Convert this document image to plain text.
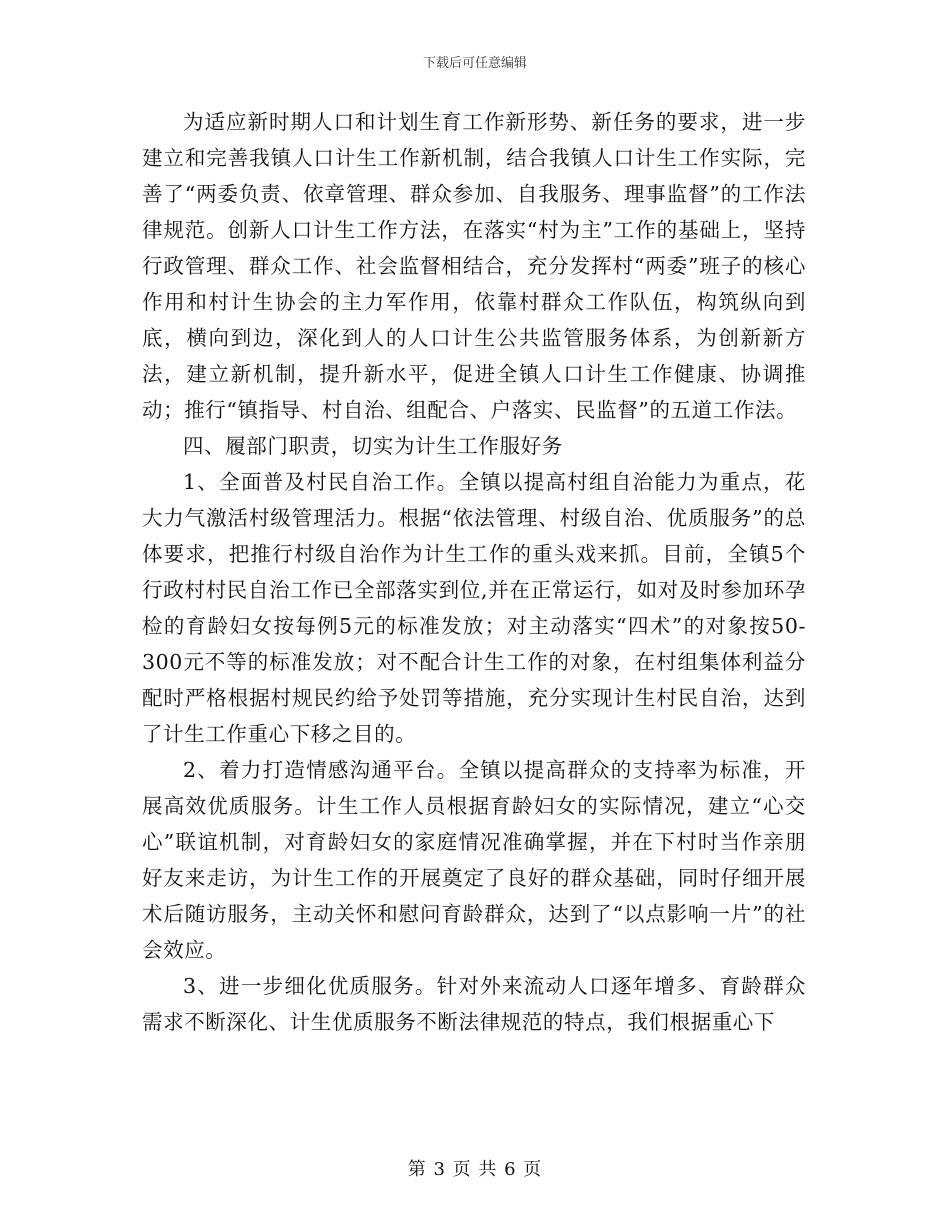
下载后可任意编辑

为适应新时期人口和计划生育工作新形势、新任务的要求，进一步建立和完善我镇人口计生工作新机制，结合我镇人口计生工作实际，完善了“两委负责、依章管理、群众参加、自我服务、理事监督”的工作法律规范。创新人口计生工作方法，在落实“村为主”工作的基础上，坚持行政管理、群众工作、社会监督相结合，充分发挥村“两委”班子的核心作用和村计生协会的主力军作用，依靠村群众工作队伍，构筑纵向到底，横向到边，深化到人的人口计生公共监管服务体系，为创新新方法，建立新机制，提升新水平，促进全镇人口计生工作健康、协调推动；推行“镇指导、村自治、组配合、户落实、民监督”的五道工作法。

四、履部门职责，切实为计生工作服好务

1、全面普及村民自治工作。全镇以提高村组自治能力为重点，花大力气激活村级管理活力。根据“依法管理、村级自治、优质服务”的总体要求，把推行村级自治作为计生工作的重头戏来抓。目前，全镇5个行政村村民自治工作已全部落实到位,并在正常运行，如对及时参加环孕检的育龄妇女按每例5元的标准发放；对主动落实“四术”的对象按50-300元不等的标准发放；对不配合计生工作的对象，在村组集体利益分配时严格根据村规民约给予处罚等措施，充分实现计生村民自治，达到了计生工作重心下移之目的。

2、着力打造情感沟通平台。全镇以提高群众的支持率为标准，开展高效优质服务。计生工作人员根据育龄妇女的实际情况，建立“心交心”联谊机制，对育龄妇女的家庭情况准确掌握，并在下村时当作亲朋好友来走访，为计生工作的开展奠定了良好的群众基础，同时仔细开展术后随访服务，主动关怀和慰问育龄群众，达到了“以点影响一片”的社会效应。

3、进一步细化优质服务。针对外来流动人口逐年增多、育龄群众需求不断深化、计生优质服务不断法律规范的特点，我们根据重心下

第 3 页 共 6 页
